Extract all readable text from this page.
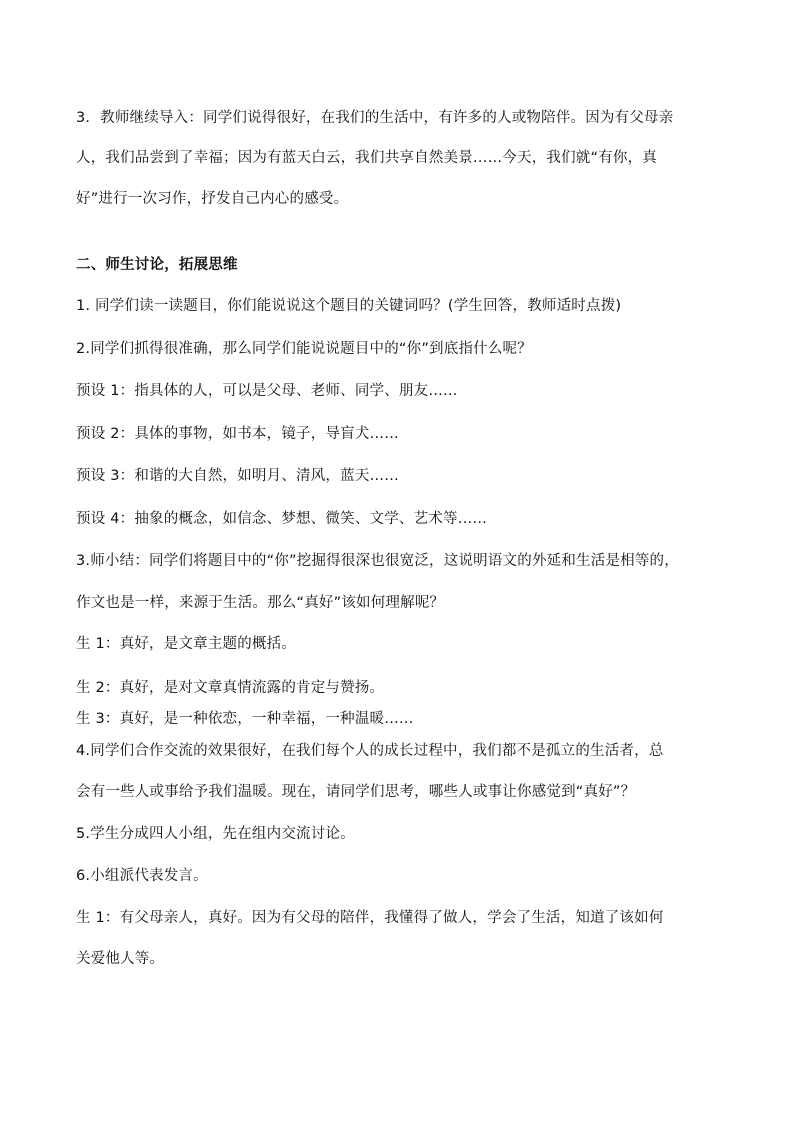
3．教师继续导入：同学们说得很好，在我们的生活中，有许多的人或物陪伴。因为有父母亲
人，我们品尝到了幸福；因为有蓝天白云，我们共享自然美景……今天，我们就“有你，真
好”进行一次习作，抒发自己内心的感受。
二、师生讨论，拓展思维
1. 同学们读一读题目，你们能说说这个题目的关键词吗？(学生回答，教师适时点拨)
2.同学们抓得很准确，那么同学们能说说题目中的“你”到底指什么呢？
预设 1：指具体的人，可以是父母、老师、同学、朋友……
预设 2：具体的事物，如书本，镜子，导盲犬……
预设 3：和谐的大自然，如明月、清风，蓝天……
预设 4：抽象的概念，如信念、梦想、微笑、文学、艺术等……
3.师小结：同学们将题目中的“你”挖掘得很深也很宽泛，这说明语文的外延和生活是相等的，
作文也是一样，来源于生活。那么“真好”该如何理解呢？
生 1：真好，是文章主题的概括。
生 2：真好，是对文章真情流露的肯定与赞扬。
生 3：真好，是一种依恋，一种幸福，一种温暖……
4.同学们合作交流的效果很好，在我们每个人的成长过程中，我们都不是孤立的生活者，总
会有一些人或事给予我们温暖。现在，请同学们思考，哪些人或事让你感觉到“真好”？
5.学生分成四人小组，先在组内交流讨论。
6.小组派代表发言。
生 1：有父母亲人，真好。因为有父母的陪伴，我懂得了做人，学会了生活，知道了该如何
关爱他人等。
